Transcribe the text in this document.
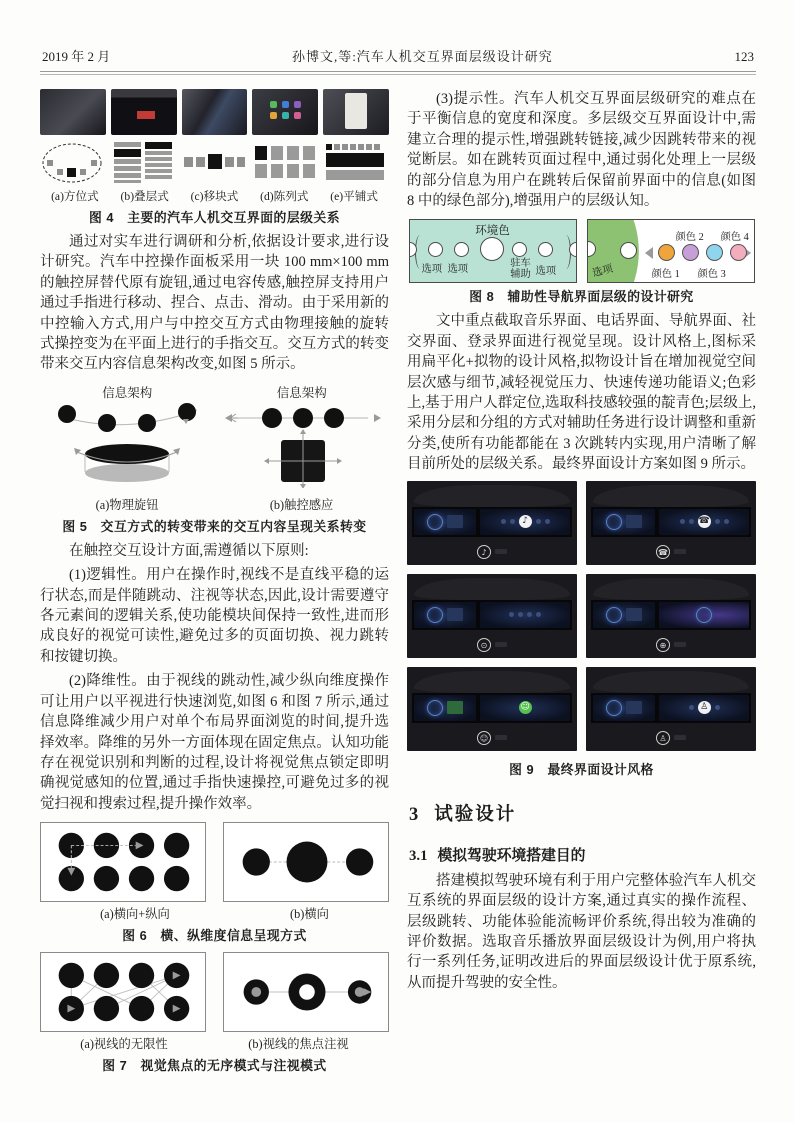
2019 年 2 月	孙博文,等:汽车人机交互界面层级设计研究	123
(a)方位式	(b)叠层式	(c)移块式	(d)陈列式	(e)平铺式
图 4　主要的汽车人机交互界面的层级关系

通过对实车进行调研和分析,依据设计要求,进行设计研究。汽车中控操作面板采用一块 100 mm×100 mm 的触控屏替代原有旋钮,通过电容传感,触控屏支持用户通过手指进行移动、捏合、点击、滑动。由于采用新的中控输入方式,用户与中控交互方式由物理接触的旋转式操控变为在平面上进行的手指交互。交互方式的转变带来交互内容信息架构改变,如图 5 所示。

信息架构	信息架构
(a)物理旋钮	(b)触控感应
图 5　交互方式的转变带来的交互内容呈现关系转变

在触控交互设计方面,需遵循以下原则:

(1)逻辑性。用户在操作时,视线不是直线平稳的运行状态,而是伴随跳动、注视等状态,因此,设计需要遵守各元素间的逻辑关系,使功能模块间保持一致性,进而形成良好的视觉可读性,避免过多的页面切换、视力跳转和按键切换。

(2)降维性。由于视线的跳动性,减少纵向维度操作可让用户以平视进行快速浏览,如图 6 和图 7 所示,通过信息降维减少用户对单个布局界面浏览的时间,提升选择效率。降维的另外一方面体现在固定焦点。认知功能存在视觉识别和判断的过程,设计将视觉焦点锁定即明确视觉感知的位置,通过手指快速操控,可避免过多的视觉扫视和搜索过程,提升操作效率。

(a)横向+纵向	(b)横向
图 6　横、纵维度信息呈现方式
(a)视线的无限性	(b)视线的焦点注视
图 7　视觉焦点的无序模式与注视模式

(3)提示性。汽车人机交互界面层级研究的难点在于平衡信息的宽度和深度。多层级交互界面设计中,需建立合理的提示性,增强跳转链接,减少因跳转带来的视觉断层。如在跳转页面过程中,通过弱化处理上一层级的部分信息为用户在跳转后保留前界面中的信息(如图 8 中的绿色部分),增强用户的层级认知。

环境色
选项 选项
驻车辅助 选项	选项
颜色 2 颜色 4
颜色 1 颜色 3
图 8　辅助性导航界面层级的设计研究

文中重点截取音乐界面、电话界面、导航界面、社交界面、登录界面进行视觉呈现。设计风格上,图标采用扁平化+拟物的设计风格,拟物设计旨在增加视觉空间层次感与细节,减轻视觉压力、快速传递功能语义;色彩上,基于用户人群定位,选取科技感较强的靛青色;层级上,采用分层和分组的方式对辅助任务进行设计调整和重新分类,使所有功能都能在 3 次跳转内实现,用户清晰了解目前所处的层级关系。最终界面设计方案如图 9 所示。

♪
♪
☎
☎
⊙	⊕
☺
☺
♙
♙
图 9　最终界面设计风格
3 试验设计
3.1 模拟驾驶环境搭建目的

搭建模拟驾驶环境有利于用户完整体验汽车人机交互系统的界面层级的设计方案,通过真实的操作流程、层级跳转、功能体验能流畅评价系统,得出较为准确的评价数据。选取音乐播放界面层级设计为例,用户将执行一系列任务,证明改进后的界面层级设计优于原系统,从而提升驾驶的安全性。
